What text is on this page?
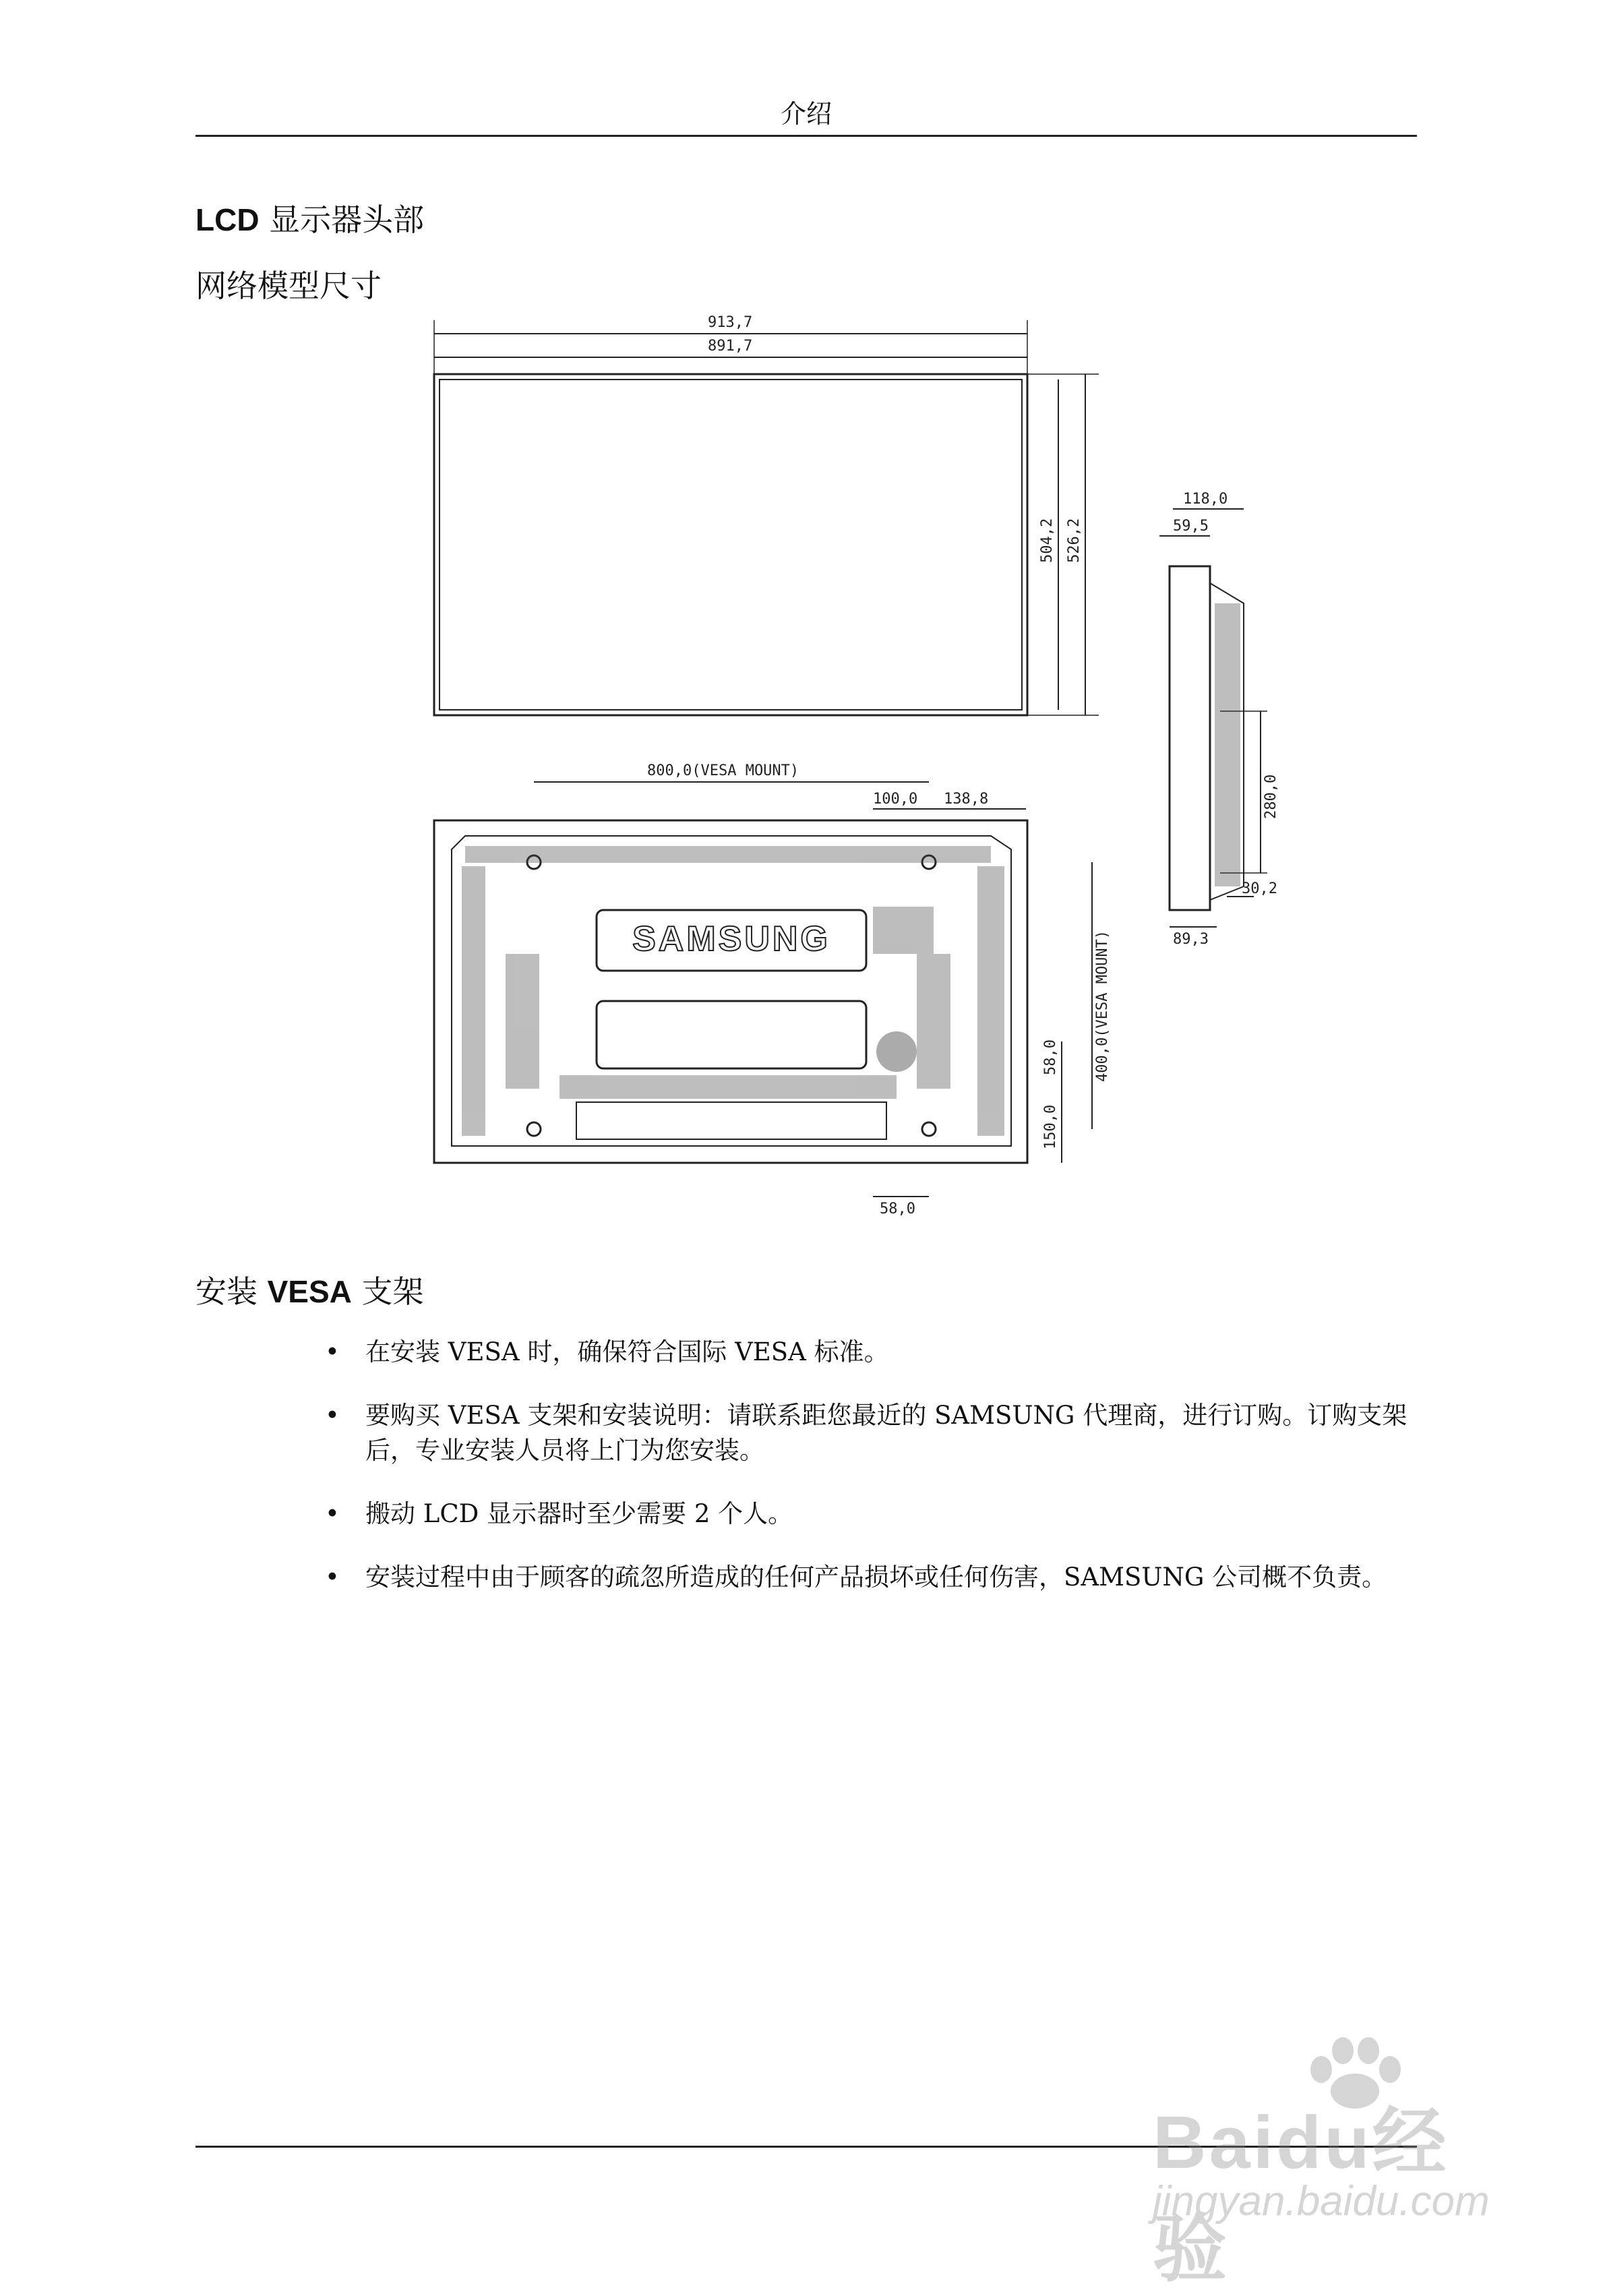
介绍
LCD 显示器头部
网络模型尺寸
913,7
891,7
504,2 526,2
118,0
59,5
280,0
30,2
89,3
SAMSUNG
800,0(VESA MOUNT)
100,0 138,8
400,0(VESA MOUNT)
58,0
150,0
58,0
安装 VESA 支架
• 在安装 VESA 时，确保符合国际 VESA 标准。
• 要购买 VESA 支架和安装说明：请联系距您最近的 SAMSUNG 代理商，进行订购。订购支架后，专业安装人员将上门为您安装。
• 搬动 LCD 显示器时至少需要 2 个人。
• 安装过程中由于顾客的疏忽所造成的任何产品损坏或任何伤害，SAMSUNG 公司概不负责。
Baidu经验
jingyan.baidu.com
